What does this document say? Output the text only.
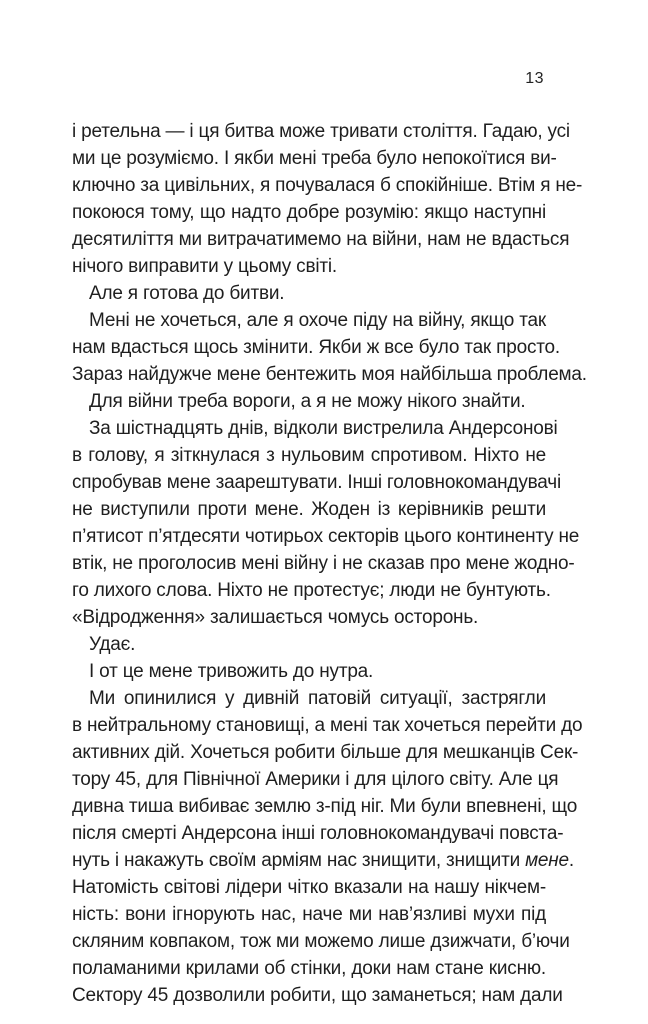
13
і ретельна — і ця битва може тривати століття. Гадаю, усі
ми це розуміємо. І якби мені треба було непокоїтися ви-
ключно за цивільних, я почувалася б спокійніше. Втім я не-
покоюся тому, що надто добре розумію: якщо наступні
десятиліття ми витрачатимемо на війни, нам не вдасться
нічого виправити у цьому світі.
Але я готова до битви.
Мені не хочеться, але я охоче піду на війну, якщо так
нам вдасться щось змінити. Якби ж все було так просто.
Зараз найдужче мене бентежить моя найбільша проблема.
Для війни треба вороги, а я не можу нікого знайти.
За шістнадцять днів, відколи вистрелила Андерсонові
в голову, я зіткнулася з нульовим спротивом. Ніхто не
спробував мене заарештувати. Інші головнокомандувачі
не виступили проти мене. Жоден із керівників решти
п’ятисот п’ятдесяти чотирьох секторів цього континенту не
втік, не проголосив мені війну і не сказав про мене жодно-
го лихого слова. Ніхто не протестує; люди не бунтують.
«Відродження» залишається чомусь осторонь.
Удає.
І от це мене тривожить до нутра.
Ми опинилися у дивній патовій ситуації, застрягли
в нейтральному становищі, а мені так хочеться перейти до
активних дій. Хочеться робити більше для мешканців Сек-
тору 45, для Північної Америки і для цілого світу. Але ця
дивна тиша вибиває землю з-під ніг. Ми були впевнені, що
після смерті Андерсона інші головнокомандувачі повста-
нуть і накажуть своїм арміям нас знищити, знищити мене.
Натомість світові лідери чітко вказали на нашу нікчем-
ність: вони ігнорують нас, наче ми нав’язливі мухи під
скляним ковпаком, тож ми можемо лише дзижчати, б’ючи
поламаними крилами об стінки, доки нам стане кисню.
Сектору 45 дозволили робити, що заманеться; нам дали
